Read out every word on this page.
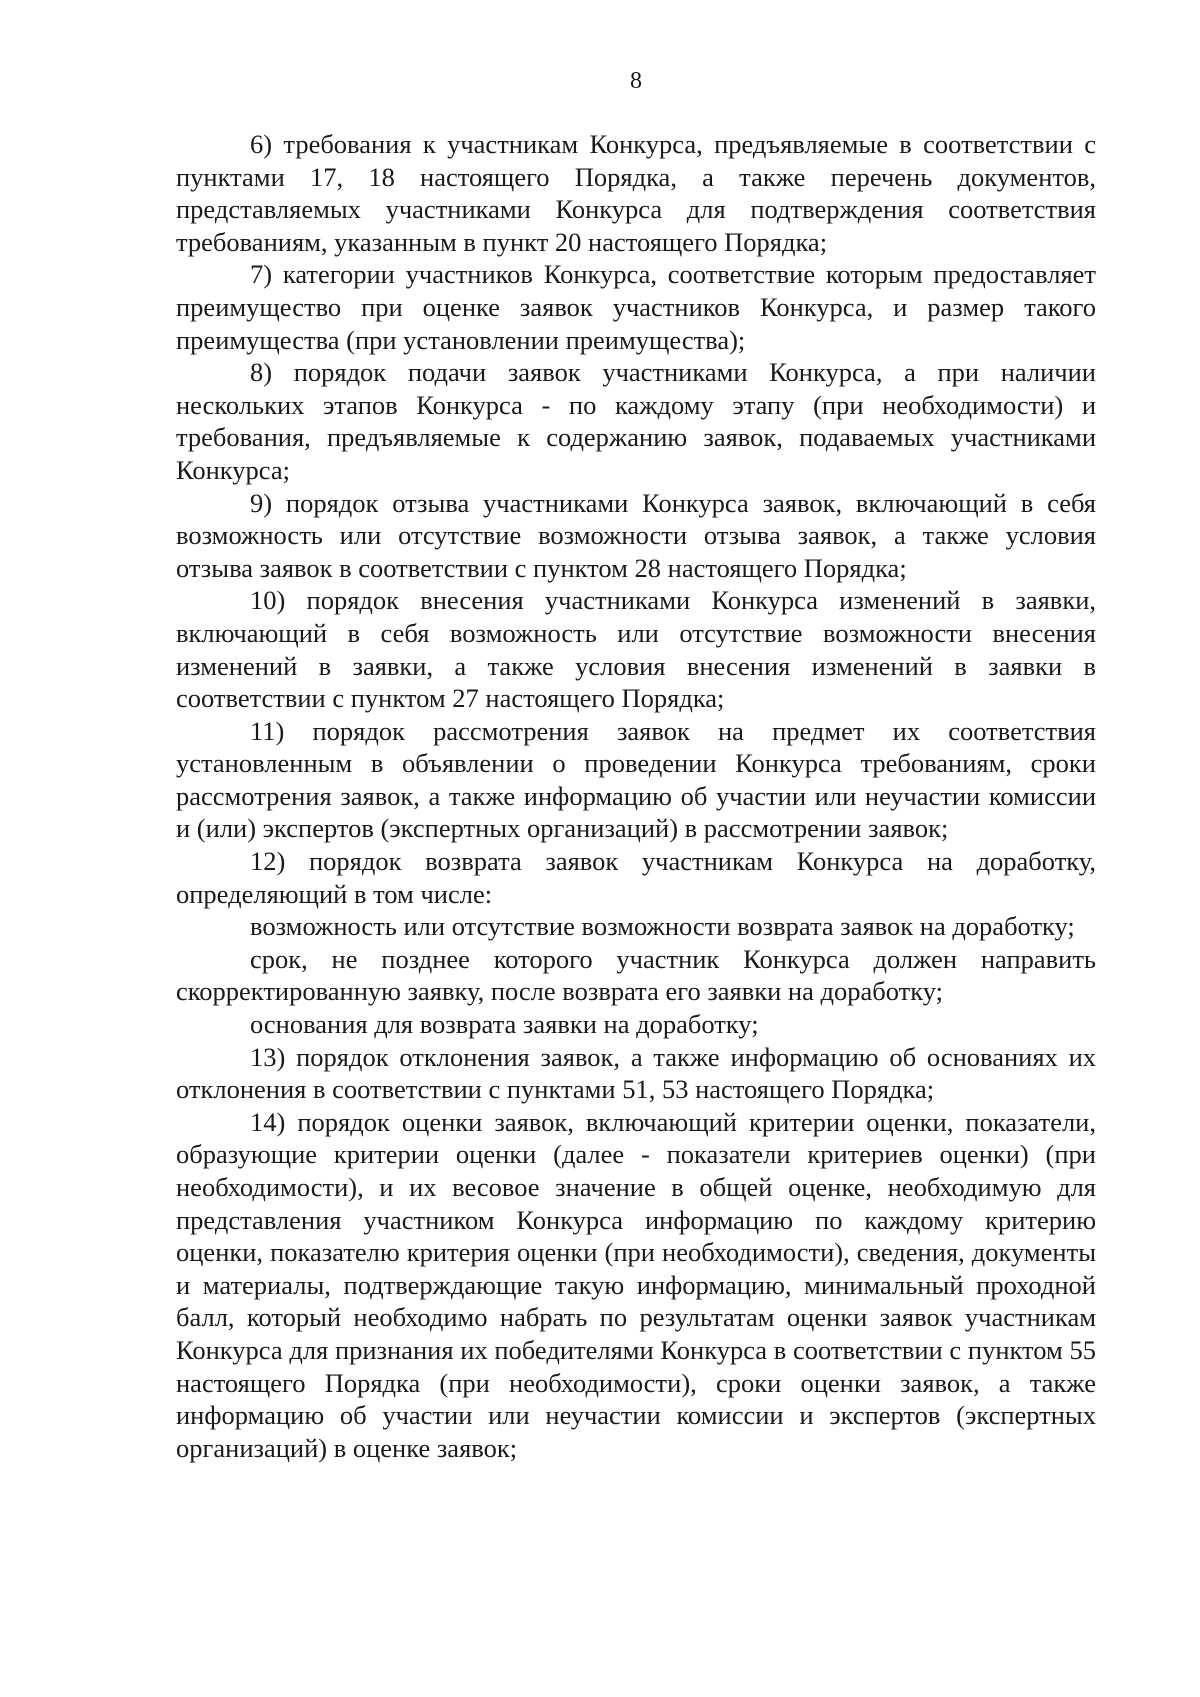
8

6) требования к участникам Конкурса, предъявляемые в соответствии с пунктами 17, 18 настоящего Порядка, а также перечень документов, представляемых участниками Конкурса для подтверждения соответствия требованиям, указанным в пункт 20 настоящего Порядка;

7) категории участников Конкурса, соответствие которым предоставляет преимущество при оценке заявок участников Конкурса, и размер такого преимущества (при установлении преимущества);

8) порядок подачи заявок участниками Конкурса, а при наличии нескольких этапов Конкурса - по каждому этапу (при необходимости) и требования, предъявляемые к содержанию заявок, подаваемых участниками Конкурса;

9) порядок отзыва участниками Конкурса заявок, включающий в себя возможность или отсутствие возможности отзыва заявок, а также условия отзыва заявок в соответствии с пунктом 28 настоящего Порядка;

10) порядок внесения участниками Конкурса изменений в заявки, включающий в себя возможность или отсутствие возможности внесения изменений в заявки, а также условия внесения изменений в заявки в соответствии с пунктом 27 настоящего Порядка;

11) порядок рассмотрения заявок на предмет их соответствия установленным в объявлении о проведении Конкурса требованиям, сроки рассмотрения заявок, а также информацию об участии или неучастии комиссии и (или) экспертов (экспертных организаций) в рассмотрении заявок;

12) порядок возврата заявок участникам Конкурса на доработку, определяющий в том числе:

возможность или отсутствие возможности возврата заявок на доработку;

срок, не позднее которого участник Конкурса должен направить скорректированную заявку, после возврата его заявки на доработку;

основания для возврата заявки на доработку;

13) порядок отклонения заявок, а также информацию об основаниях их отклонения в соответствии с пунктами 51, 53 настоящего Порядка;

14) порядок оценки заявок, включающий критерии оценки, показатели, образующие критерии оценки (далее - показатели критериев оценки) (при необходимости), и их весовое значение в общей оценке, необходимую для представления участником Конкурса информацию по каждому критерию оценки, показателю критерия оценки (при необходимости), сведения, документы и материалы, подтверждающие такую информацию, минимальный проходной балл, который необходимо набрать по результатам оценки заявок участникам Конкурса для признания их победителями Конкурса в соответствии с пунктом 55 настоящего Порядка (при необходимости), сроки оценки заявок, а также информацию об участии или неучастии комиссии и экспертов (экспертных организаций) в оценке заявок;
